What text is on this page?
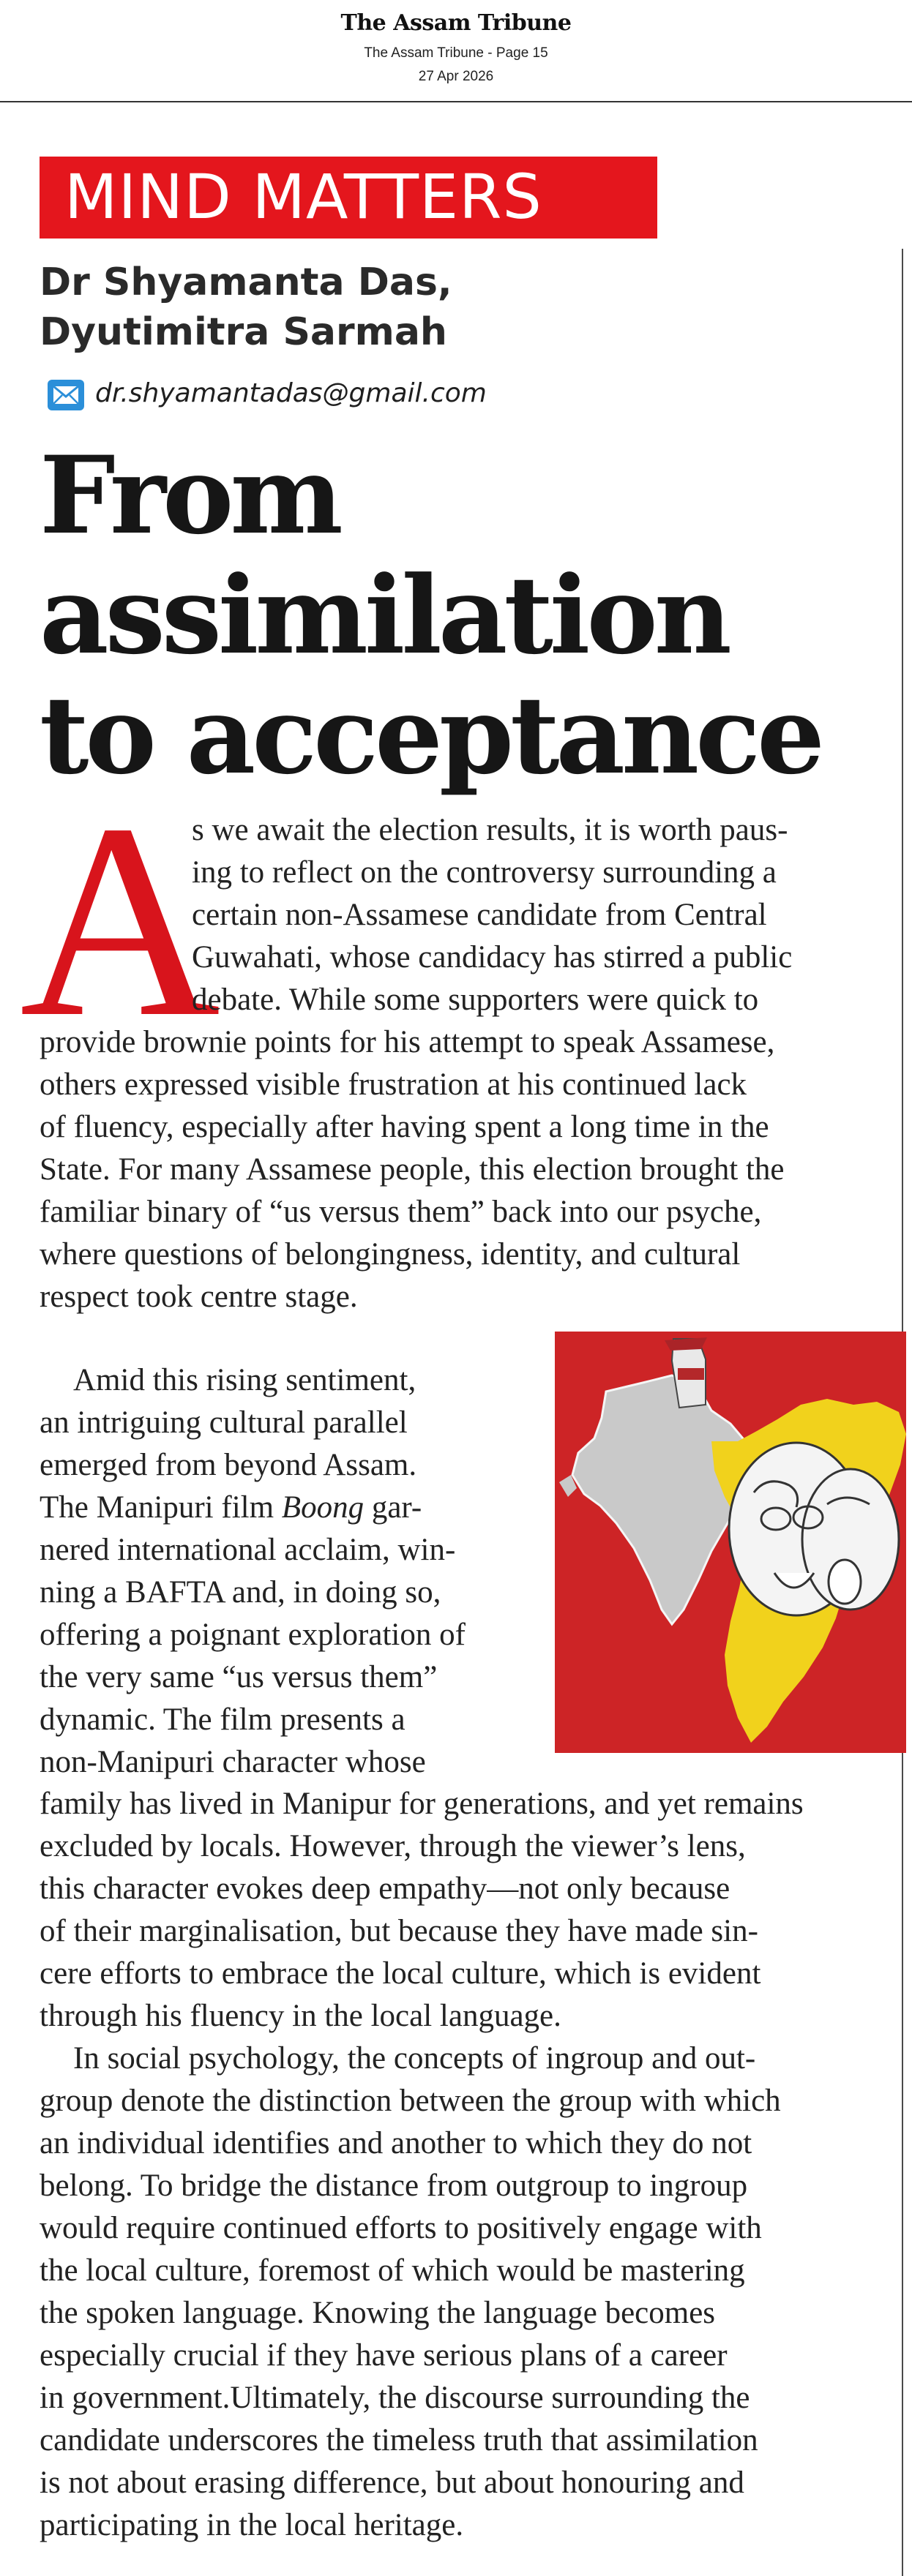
The Assam Tribune
The Assam Tribune - Page 15
27 Apr 2026
MIND MATTERS
Dr Shyamanta Das,
Dyutimitra Sarmah
dr.shyamantadas@gmail.com
From
assimilation
to acceptance
A
s we await the election results, it is worth paus-
ing to reflect on the controversy surrounding a
certain non-Assamese candidate from Central
Guwahati, whose candidacy has stirred a public
debate. While some supporters were quick to
provide brownie points for his attempt to speak Assamese,
others expressed visible frustration at his continued lack
of fluency, especially after having spent a long time in the
State. For many Assamese people, this election brought the
familiar binary of “us versus them” back into our psyche,
where questions of belongingness, identity, and cultural
respect took centre stage.
Amid this rising sentiment,
an intriguing cultural parallel
emerged from beyond Assam.
The Manipuri film Boong gar-
nered international acclaim, win-
ning a BAFTA and, in doing so,
offering a poignant exploration of
the very same “us versus them”
dynamic. The film presents a
non-Manipuri character whose
family has lived in Manipur for generations, and yet remains
excluded by locals. However, through the viewer’s lens,
this character evokes deep empathy—not only because
of their marginalisation, but because they have made sin-
cere efforts to embrace the local culture, which is evident
through his fluency in the local language.
In social psychology, the concepts of ingroup and out-
group denote the distinction between the group with which
an individual identifies and another to which they do not
belong. To bridge the distance from outgroup to ingroup
would require continued efforts to positively engage with
the local culture, foremost of which would be mastering
the spoken language. Knowing the language becomes
especially crucial if they have serious plans of a career
in government.Ultimately, the discourse surrounding the
candidate underscores the timeless truth that assimilation
is not about erasing difference, but about honouring and
participating in the local heritage.
